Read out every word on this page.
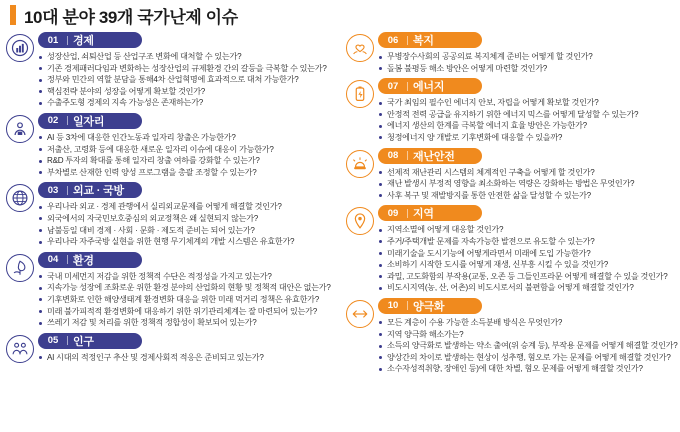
10대 분야 39개 국가난제 이슈
01	경제
성장산업, 쇠퇴산업 등 산업구조 변화에 대처할 수 있는가?
기존 경제패러다임과 변화하는 성장산업의 규제환경 간의 갈등을 극복할 수 있는가?
정부와 민간의 역할 분담을 통해4차 산업혁명에 효과적으로 대처 가능한가?
핵심전략 분야의 성장을 어떻게 확보할 것인가?
수출주도형 경제의 지속 가능성은 존재하는가?
02	일자리
AI 등 3차에 대응한 인간노동과 일자리 창출은 가능한가?
저출산, 고령화 등에 대응한 새로운 일자리 이슈에 대응이 가능한가?
R&D 투자의 확대를 통해 일자리 창출 여하를 강화할 수 있는가?
부차별로 산재한 인력 양성 프로그램을 총괄 조정할 수 있는가?
03	외교 · 국방
우리나라 외교 · 경제 관행에서 실리외교문제를 어떻게 해결할 것인가?
외국에서의 자국민보호중심의 외교정책은 왜 실현되지 않는가?
남불등일 대비 경제 · 사회 · 문화 · 제도적 준비는 되어 있는가?
우리나라 자주국방 실현을 위한 현행 무기체계의 개발 시스템은 유효한가?
04	환경
국내 미세먼지 저감을 위한 정책적 수단은 적정성을 가지고 있는가?
지속가능 성장에 조화로운 위한 환경 분야의 산업화의 현황 및 정책적 대안은 없는가?
기후변화로 인한 해양생태계 환경변화 대응을 위한 미래 먹거리 정책은 유효한가?
미래 불가피적적 환경변화에 대응하기 위한 위기관리체계는 잘 마련되어 있는가?
쓰레기 저감 및 처리를 위한 정책적 정합성이 확보되어 있는가?
05	인구
AI 시대의 적정인구 추산 및 경제사회적 적응은 준비되고 있는가?
06	복지
무병장수사회의 공공의료 복지체계 준비는 어떻게 할 것인가?
돌봄 불평등 해소 방안은 어떻게 마련할 것인가?
07	에너지
국가 최임의 필수인 에너지 안보, 자립을 어떻게 확보할 것인가?
안정적 전력 공급을 유지하기 위한 에너지 믹스를 어떻게 달성할 수 있는가?
에너지 생산의 한계를 극복할 에너지 효율 방안은 가능한가?
청정에너지 양 개발로 기후변화에 대응할 수 있을까?
08	재난안전
선제적 재난관리 시스템의 체계적인 구축을 어떻게 할 것인가?
재난 발생시 부정적 영향을 최소화하는 역량은 강화하는 방법은 무엇인가?
사후 복구 및 재발방지를 통한 안전한 삶을 달성할 수 있는가?
09	지역
지역소멸에 어떻게 대응할 것인가?
주거/주택개발 문제를 자속가능한 발전으로 유도할 수 있는가?
미래기술을 도시기능에 어떻게라면서 미래에 도입 가능한가?
소비하기 시작한 도시를 어떻게 재생, 신부흥 시킬 수 있을 것인가?
과밀, 고도화함의 부작용(교통, 오존 등 그들인프라문 어떻게 해결할 수 있을 것인가?
비도시지역(농, 산, 어촌)의 비도시로서의 불편함을 어떻게 해결할 것인가?
10	양극화
모든 계층이 수용 가능한 소득분배 방식은 무엇인가?
지역 양극화 해소가는?
소득의 양극화로 발생하는 약소 출여(위 승계 등), 부작용 문제를 어떻게 해결할 것인가?
양상간의 차이로 발생하는 현상이 성추행, 혐오로 가는 문제를 어떻게 해결할 것인가?
소수자성적취향, 장애인 등)에 대한 차별, 혐오 문제를 어떻게 해결할 것인가?
